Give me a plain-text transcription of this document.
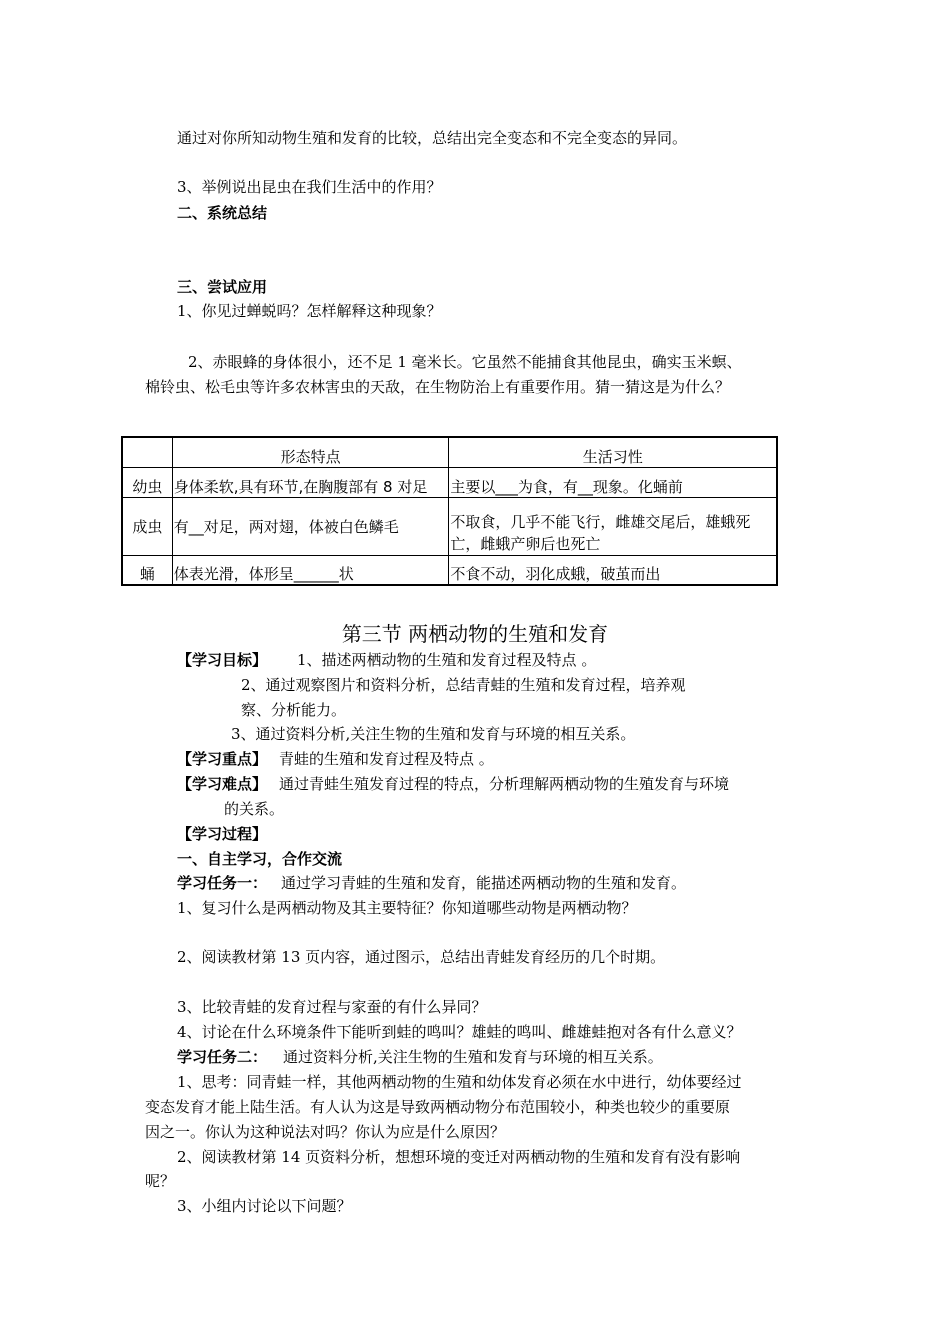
通过对你所知动物生殖和发育的比较，总结出完全变态和不完全变态的异同。
3、举例说出昆虫在我们生活中的作用？
二、系统总结
三、尝试应用
1、你见过蝉蜕吗？怎样解释这种现象？
2、赤眼蜂的身体很小，还不足 1 毫米长。它虽然不能捕食其他昆虫，确实玉米螟、
棉铃虫、松毛虫等许多农林害虫的天敌，在生物防治上有重要作用。猜一猜这是为什么？
	形态特点	生活习性
幼虫	身体柔软,具有环节,在胸腹部有 8 对足	主要以___为食，有__现象。化蛹前
成虫	有__对足，两对翅，体被白色鳞毛	不取食，几乎不能飞行，雌雄交尾后，雄蛾死亡，雌蛾产卵后也死亡

蛹	体表光滑，体形呈______状	不食不动，羽化成蛾，破茧而出
第三节 两栖动物的生殖和发育
【学习目标】 1、描述两栖动物的生殖和发育过程及特点 。
2、通过观察图片和资料分析，总结青蛙的生殖和发育过程，培养观
察、分析能力。
3、通过资料分析,关注生物的生殖和发育与环境的相互关系。
【学习重点】 青蛙的生殖和发育过程及特点 。
【学习难点】 通过青蛙生殖发育过程的特点，分析理解两栖动物的生殖发育与环境
的关系。
【学习过程】
一、自主学习，合作交流
学习任务一： 通过学习青蛙的生殖和发育，能描述两栖动物的生殖和发育。
1、复习什么是两栖动物及其主要特征？你知道哪些动物是两栖动物？
2、阅读教材第 13 页内容，通过图示，总结出青蛙发育经历的几个时期。
3、比较青蛙的发育过程与家蚕的有什么异同？
4、讨论在什么环境条件下能听到蛙的鸣叫？雄蛙的鸣叫、雌雄蛙抱对各有什么意义？
学习任务二： 通过资料分析,关注生物的生殖和发育与环境的相互关系。
1、思考：同青蛙一样，其他两栖动物的生殖和幼体发育必须在水中进行，幼体要经过
变态发育才能上陆生活。有人认为这是导致两栖动物分布范围较小，种类也较少的重要原
因之一。你认为这种说法对吗？你认为应是什么原因？
2、阅读教材第 14 页资料分析，想想环境的变迁对两栖动物的生殖和发育有没有影响
呢？
3、小组内讨论以下问题？
